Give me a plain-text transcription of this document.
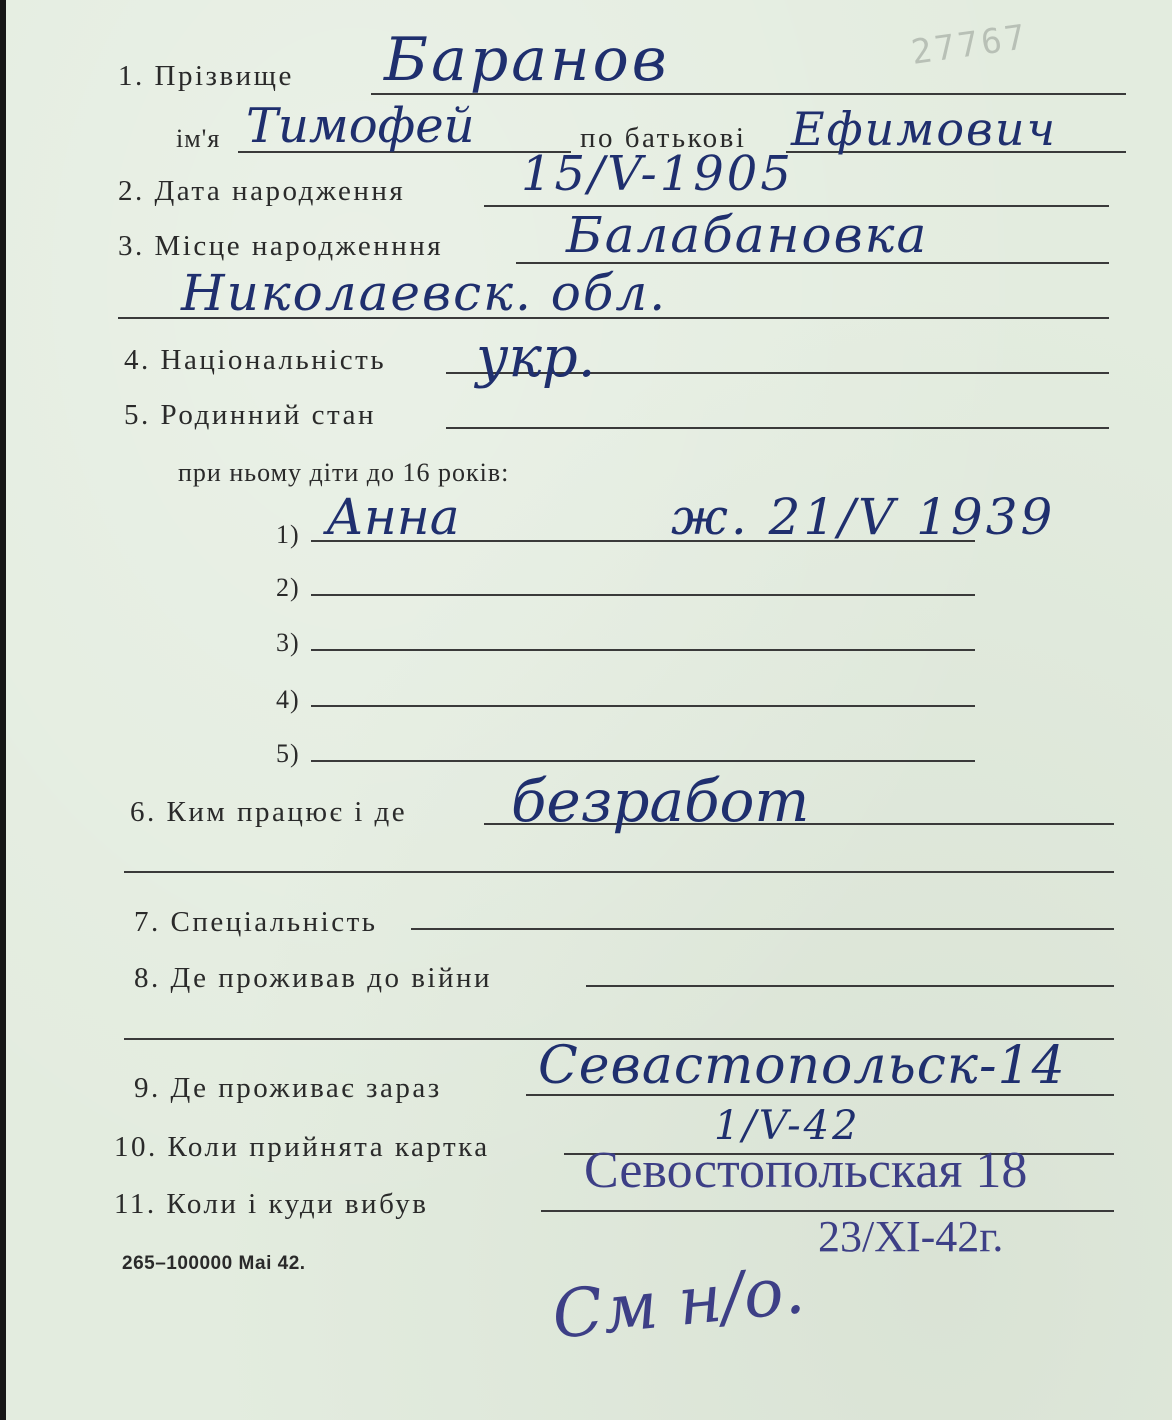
27767
1. Прізвище Баранов
ім'я Тимофей	по батькові Ефимович
2. Дата народження 15/V-1905
3. Місце народженння Балабановка
Николаевск. обл.
4. Національність укр.
5. Родинний стан
при ньому діти до 16 років:
1) Анна	ж. 21/V 1939
2)
3)
4)
5)
6. Ким працює і де безработ
7. Спеціальність
8. Де проживав до війни
9. Де проживає зараз Севастопольск-14
10. Коли прийнята картка	1/V-42
11. Коли і куди вибув
Севостопольская 18
23/XI-42г.
См н/о.
265–100000 Маі 42.
